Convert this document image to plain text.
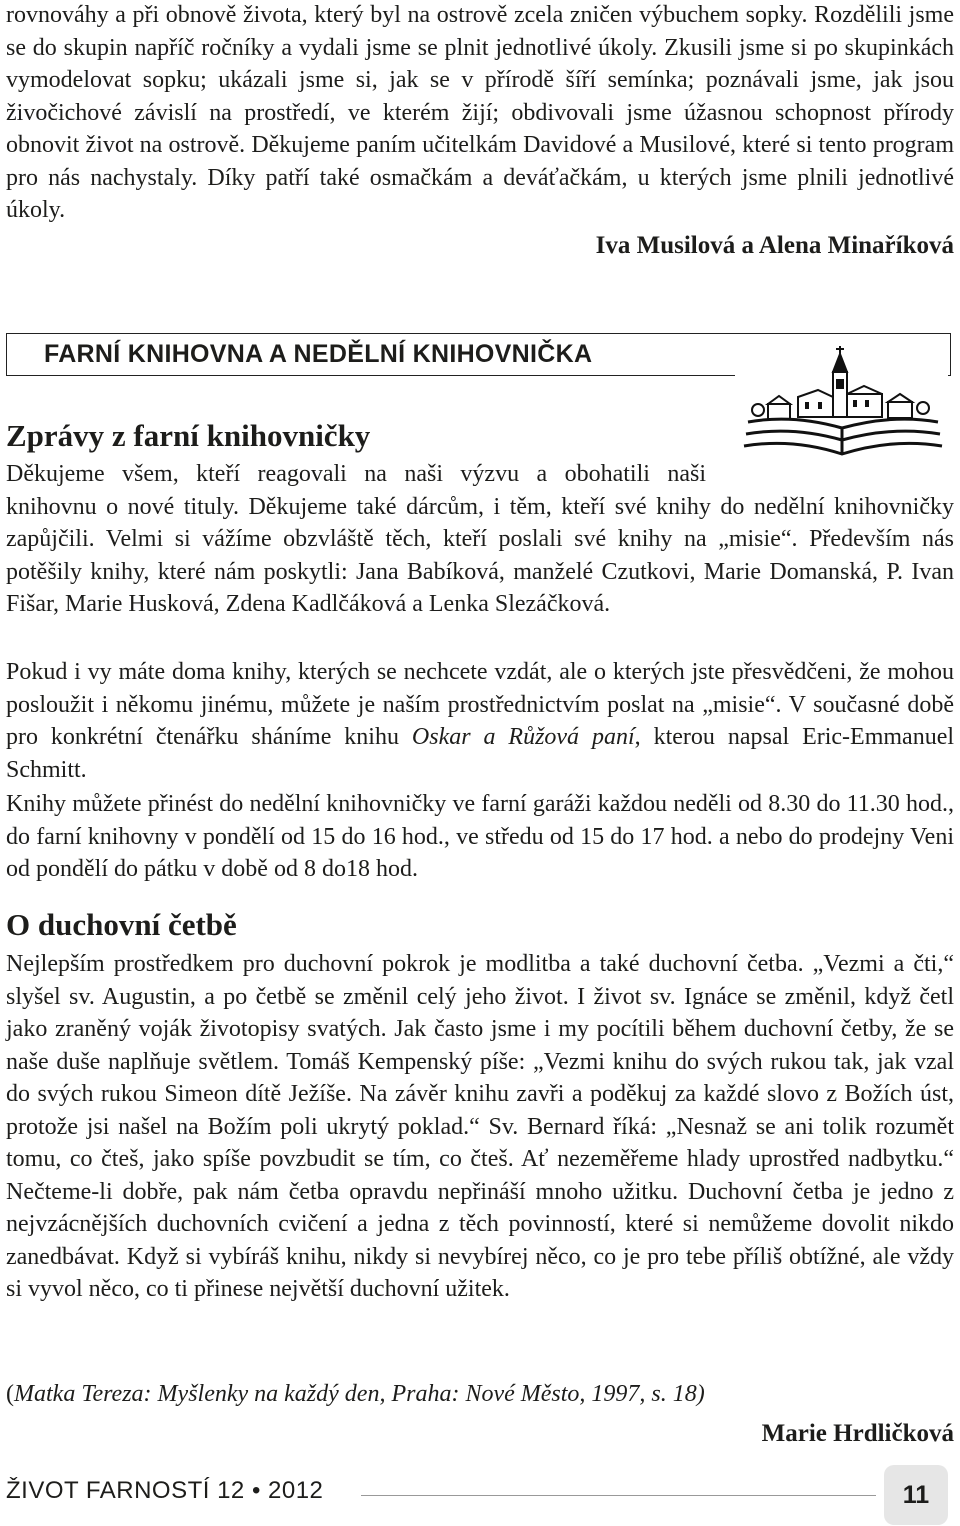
rovnováhy a při obnově života, který byl na ostrově zcela zničen výbuchem sopky. Rozdělili jsme se do skupin napříč ročníky a vydali jsme se plnit jednotlivé úkoly. Zkusili jsme si po skupinkách vymodelovat sopku; ukázali jsme si, jak se v přírodě šíří semínka; poznávali jsme, jak jsou živočichové závislí na prostředí, ve kterém žijí; obdivovali jsme úžasnou schopnost přírody obnovit život na ostrově. Děkujeme paním učitelkám Davidové a Musilové, které si tento program pro nás nachystaly. Díky patří také osmačkám a deváťačkám, u kterých jsme plnili jednotlivé úkoly.

Iva Musilová a Alena Minaříková

FARNÍ KNIHOVNA A NEDĚLNÍ KNIHOVNIČKA

Zprávy z farní knihovničky

Děkujeme všem, kteří reagovali na naši výzvu a obohatili naši
knihovnu o nové tituly. Děkujeme také dárcům, i těm, kteří své knihy do nedělní knihovničky zapůjčili. Velmi si vážíme obzvláště těch, kteří poslali své knihy na „misie“. Především nás potěšily knihy, které nám poskytli: Jana Babíková, manželé Czutkovi, Marie Domanská, P. Ivan Fišar, Marie Husková, Zdena Kadlčáková a Lenka Slezáčková.

Pokud i vy máte doma knihy, kterých se nechcete vzdát, ale o kterých jste přesvědčeni, že mohou posloužit i někomu jinému, můžete je naším prostřednictvím poslat na „misie“. V současné době pro konkrétní čtenářku sháníme knihu Oskar a Růžová paní, kterou napsal Eric-Emmanuel Schmitt.

Knihy můžete přinést do nedělní knihovničky ve farní garáži každou neděli od 8.30 do 11.30 hod., do farní knihovny v pondělí od 15 do 16 hod., ve středu od 15 do 17 hod. a nebo do prodejny Veni od pondělí do pátku v době od 8 do18 hod.

O duchovní četbě

Nejlepším prostředkem pro duchovní pokrok je modlitba a také duchovní četba. „Vezmi a čti,“ slyšel sv. Augustin, a po četbě se změnil celý jeho život. I život sv. Ignáce se změnil, když četl jako zraněný voják životopisy svatých. Jak často jsme i my pocítili během duchovní četby, že se naše duše naplňuje světlem. Tomáš Kempenský píše: „Vezmi knihu do svých rukou tak, jak vzal do svých rukou Simeon dítě Ježíše. Na závěr knihu zavři a poděkuj za každé slovo z Božích úst, protože jsi našel na Božím poli ukrytý poklad.“ Sv. Bernard říká: „Nesnaž se ani tolik rozumět tomu, co čteš, jako spíše povzbudit se tím, co čteš. Ať nezeměřeme hlady uprostřed nadbytku.“ Nečteme-li dobře, pak nám četba opravdu nepřináší mnoho užitku. Duchovní četba je jedno z nejvzácnějších duchovních cvičení a jedna z těch povinností, které si nemůžeme dovolit nikdo zanedbávat. Když si vybíráš knihu, nikdy si nevybírej něco, co je pro tebe příliš obtížné, ale vždy si vyvol něco, co ti přinese největší duchovní užitek.

(Matka Tereza: Myšlenky na každý den, Praha: Nové Město, 1997, s. 18)

Marie Hrdličková

ŽIVOT FARNOSTÍ 12 • 2012	11
